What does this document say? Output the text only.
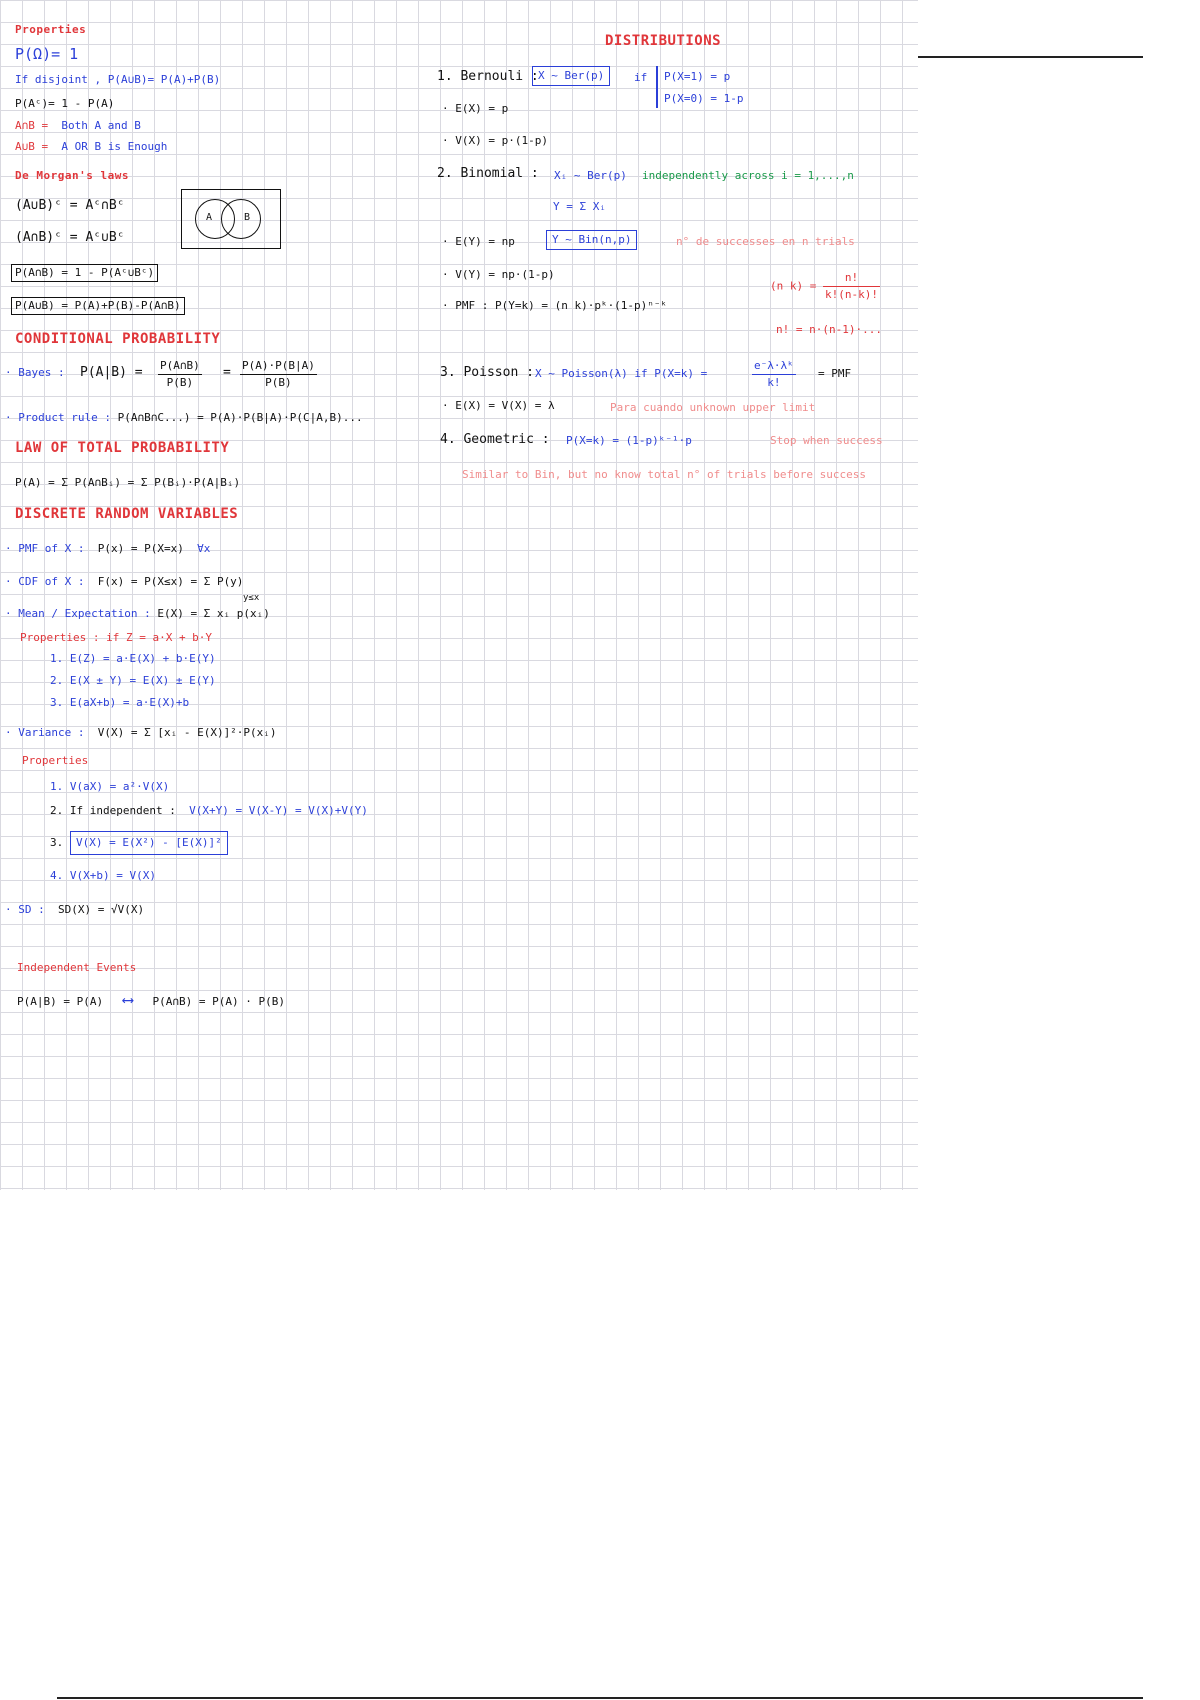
Properties
P(Ω)= 1
If disjoint , P(A∪B)= P(A)+P(B)
P(Aᶜ)= 1 - P(A)
A∩B = Both A and B
A∪B = A OR B is Enough
De Morgan's laws
(A∪B)ᶜ = Aᶜ∩Bᶜ
(A∩B)ᶜ = Aᶜ∪Bᶜ
A	B
P(A∩B) = 1 - P(Aᶜ∪Bᶜ)
P(A∪B) = P(A)+P(B)-P(A∩B)
CONDITIONAL PROBABILITY
· Bayes : $P(A|B) = \frac{P(A\cap B)}{P(B)} = \frac{P(A)\cdot P(B|A)}{P(B)}$
· Product rule : P(A∩B∩C...) = P(A)·P(B|A)·P(C|A,B)...
LAW OF TOTAL PROBABILITY
P(A) = Σ P(A∩Bᵢ) = Σ P(Bᵢ)·P(A|Bᵢ)
DISCRETE RANDOM VARIABLES
· PMF of X : P(x) = P(X=x) ∀x
· CDF of X : F(x) = P(X≤x) = Σ P(y)
y≤x
· Mean / Expectation : E(X) = Σ xᵢ p(xᵢ)
Properties : if Z = a·X + b·Y
1. E(Z) = a·E(X) + b·E(Y)
2. E(X ± Y) = E(X) ± E(Y)
3. E(aX+b) = a·E(X)+b
· Variance : V(X) = Σ [xᵢ - E(X)]²·P(xᵢ)
Properties
1. V(aX) = a²·V(X)
2. If independent : V(X+Y) = V(X-Y) = V(X)+V(Y)
3.	V(X) = E(X²) - [E(X)]²
4. V(X+b) = V(X)
· SD : SD(X) = √V(X)
Independent Events
P(A|B) = P(A) ⟷ P(A∩B) = P(A) · P(B)
DISTRIBUTIONS
1. Bernouli : X ~ Ber(p)	if P(X=1) = p
P(X=0) = 1-p
· E(X) = p
· V(X) = p·(1-p)
2. Binomial : Xᵢ ~ Ber(p) independently across i = 1,...,n
Y = Σ Xᵢ
· E(Y) = np	Y ~ Bin(n,p)	n° de successes en n trials
· V(Y) = np·(1-p)
· PMF : P(Y=k) = (n k)·pᵏ·(1-p)ⁿ⁻ᵏ
(n $k) = \frac{n!}{k!(n-k)!}$
n! = n·(n-1)·...
3. Poisson : X ~ Poisson(λ) if P(X=k) =	$\frac{\text{e⁻λ·λᵏ}}{k!}$ = PMF
· E(X) = V(X) = λ	Para cuando unknown upper limit
4. Geometric : P(X=k) = (1-p)ᵏ⁻¹·p	Stop when success
Similar to Bin, but no know total n° of trials before success
